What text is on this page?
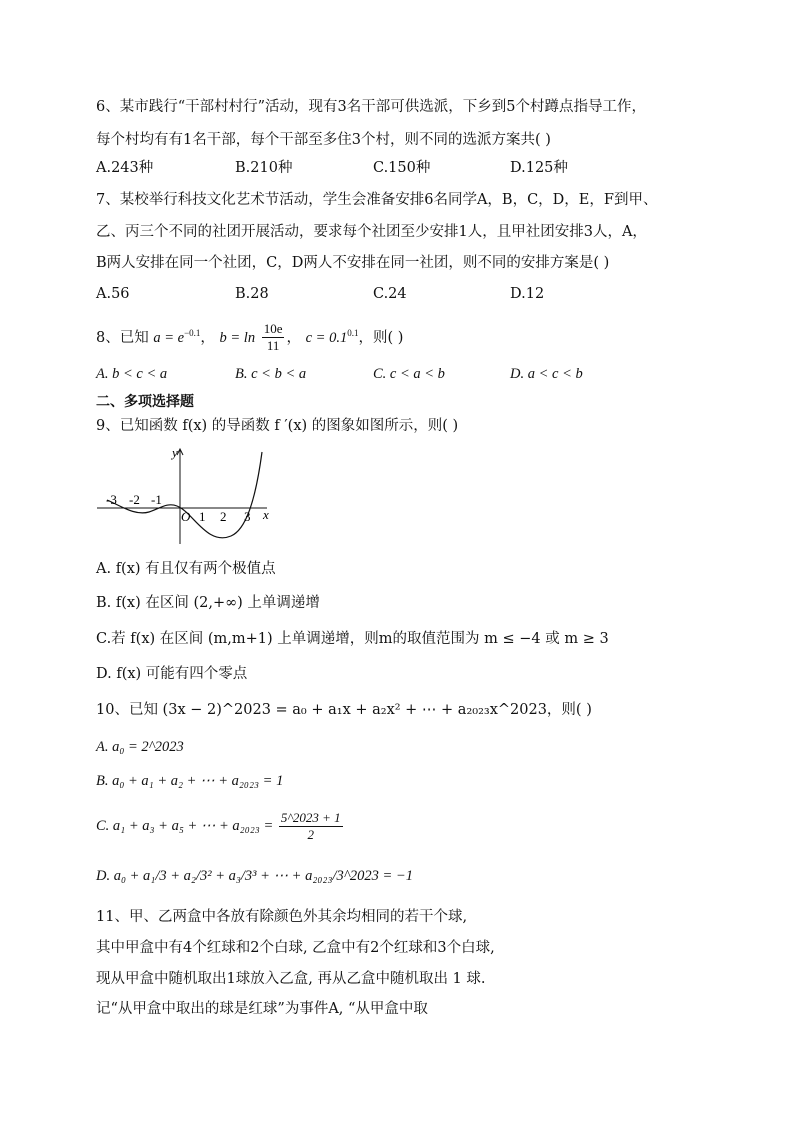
6、某市践行“干部村村行”活动，现有3名干部可供选派，下乡到5个村蹲点指导工作，
每个村均有有1名干部，每个干部至多住3个村，则不同的选派方案共( )
A.243种	B.210种	C.150种	D.125种
7、某校举行科技文化艺术节活动，学生会准备安排6名同学A，B，C，D，E，F到甲、
乙、丙三个不同的社团开展活动，要求每个社团至少安排1人，且甲社团安排3人，A，
B两人安排在同一个社团，C，D两人不安排在同一社团，则不同的安排方案是( )
A.56	B.28	C.24	D.12
8、已知 $a = e^{-0.1}$， $b = \ln \frac{10e}{11}$ ， $c = 0.1^{0.1}$，则( )
A. b < c < a	B. c < b < a	C. c < a < b	D. a < c < b
二、多项选择题
9、已知函数 f(x) 的导函数 f ′(x) 的图象如图所示，则( )
y
x
O
-3 -2 -1
1 2 3
A. f(x) 有且仅有两个极值点
B. f(x) 在区间 (2,+∞) 上单调递增
C.若 f(x) 在区间 (m,m+1) 上单调递增，则m的取值范围为 m ≤ −4 或 m ≥ 3
D. f(x) 可能有四个零点
10、已知 (3x − 2)^2023 = a₀ + a₁x + a₂x² + ⋯ + a₂₀₂₃x^2023，则( )
A. a₀ = 2^2023
B. a₀ + a₁ + a₂ + ⋯ + a₂₀₂₃ = 1
C. a₁ + a₃ + a₅ + ⋯ + $a_{2023} = \frac{5\^{}2023 + 1}{2}$
D. a₀ + a₁/3 + a₂/3² + a₃/3³ + ⋯ + a₂₀₂₃/3^2023 = −1
11、甲、乙两盒中各放有除颜色外其余均相同的若干个球,
其中甲盒中有4个红球和2个白球, 乙盒中有2个红球和3个白球,
现从甲盒中随机取出1球放入乙盒, 再从乙盒中随机取出 1 球.
记“从甲盒中取出的球是红球”为事件A, “从甲盒中取
